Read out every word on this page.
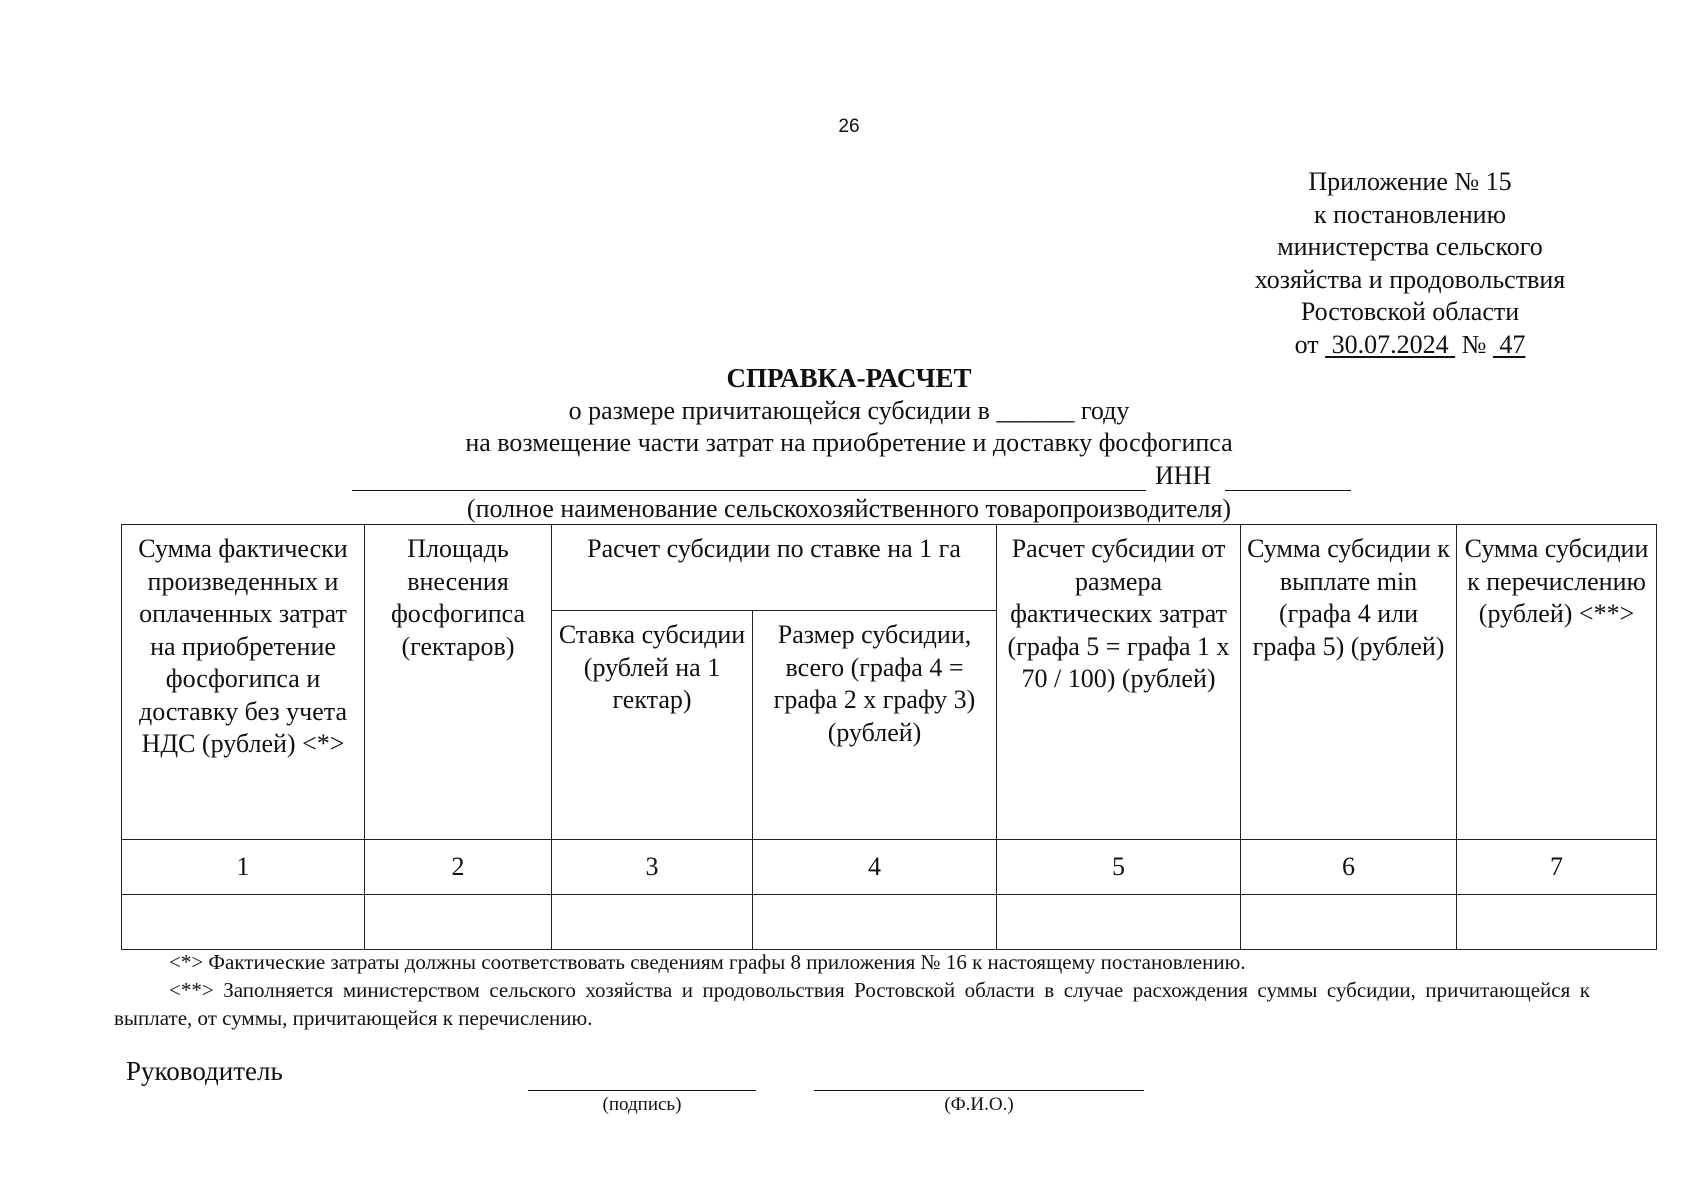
26
Приложение № 15
к постановлению
министерства сельского
хозяйства и продовольствия
Ростовской области
от 30.07.2024 № 47
СПРАВКА-РАСЧЕТ
о размере причитающейся субсидии в ______ году
на возмещение части затрат на приобретение и доставку фосфогипса
ИНН
(полное наименование сельскохозяйственного товаропроизводителя)
Сумма фактически произведенных и оплаченных затрат на приобретение фосфогипса и доставку без учета НДС (рублей) <*>	Площадь внесения фосфогипса (гектаров)	Расчет субсидии по ставке на 1 га		Расчет субсидии от размера фактических затрат (графа 5 = графа 1 x 70 / 100) (рублей)	Сумма субсидии к выплате min (графа 4 или графа 5) (рублей)	Сумма субсидии к перечислению (рублей) <**>
		Ставка субсидии (рублей на 1 гектар)	Размер субсидии, всего (графа 4 = графа 2 x графу 3) (рублей)			
1	2	3	4	5	6	7

<*> Фактические затраты должны соответствовать сведениям графы 8 приложения № 16 к настоящему постановлению.

<**> Заполняется министерством сельского хозяйства и продовольствия Ростовской области в случае расхождения суммы субсидии, причитающейся к выплате, от суммы, причитающейся к перечислению.

Руководитель
(подпись)	(Ф.И.О.)
